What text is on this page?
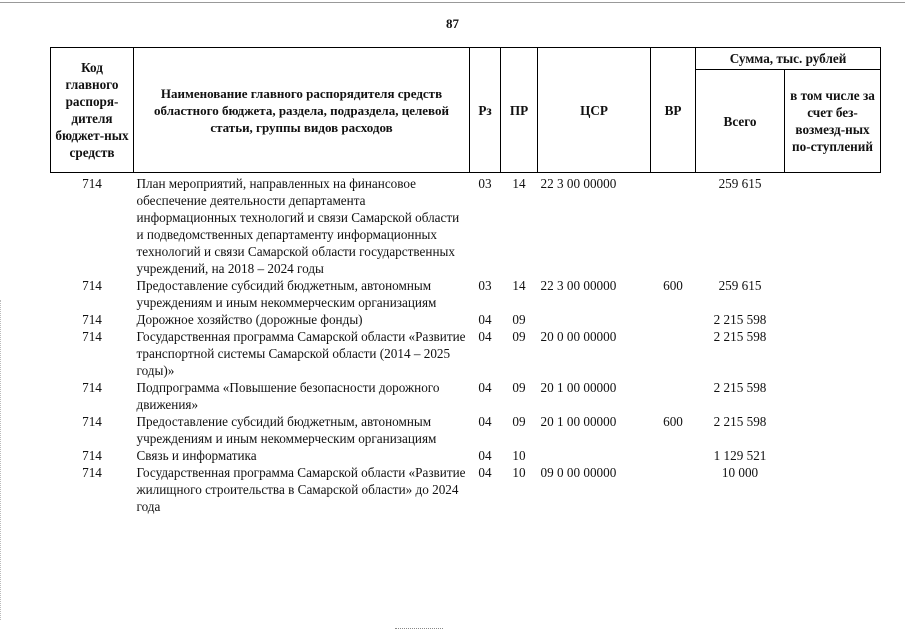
87
Код главного распоря-дителя бюджет-ных средств	Наименование главного распорядителя средств областного бюджета, раздела, подраздела, целевой статьи, группы видов расходов	Рз	ПР	ЦСР	ВР	Сумма, тыс. рублей	
						Всего	в том числе за счет без-возмезд-ных по-ступлений
714	План мероприятий, направленных на финансовое обеспечение деятельности департамента информационных технологий и связи Самарской области и подведомственных департаменту информационных технологий и связи Самарской области государственных учреждений, на 2018 – 2024 годы	03	14	22 3 00 00000		259 615	
714	Предоставление субсидий бюджетным, автономным учреждениям и иным некоммерческим организациям	03	14	22 3 00 00000	600	259 615	
714	Дорожное хозяйство (дорожные фонды)	04	09			2 215 598	
714	Государственная программа Самарской области «Развитие транспортной системы Самарской области (2014 – 2025 годы)»	04	09	20 0 00 00000		2 215 598	
714	Подпрограмма «Повышение безопасности дорожного движения»	04	09	20 1 00 00000		2 215 598	
714	Предоставление субсидий бюджетным, автономным учреждениям и иным некоммерческим организациям	04	09	20 1 00 00000	600	2 215 598	
714	Связь и информатика	04	10			1 129 521	
714	Государственная программа Самарской области «Развитие жилищного строительства в Самарской области» до 2024 года	04	10	09 0 00 00000		10 000	
